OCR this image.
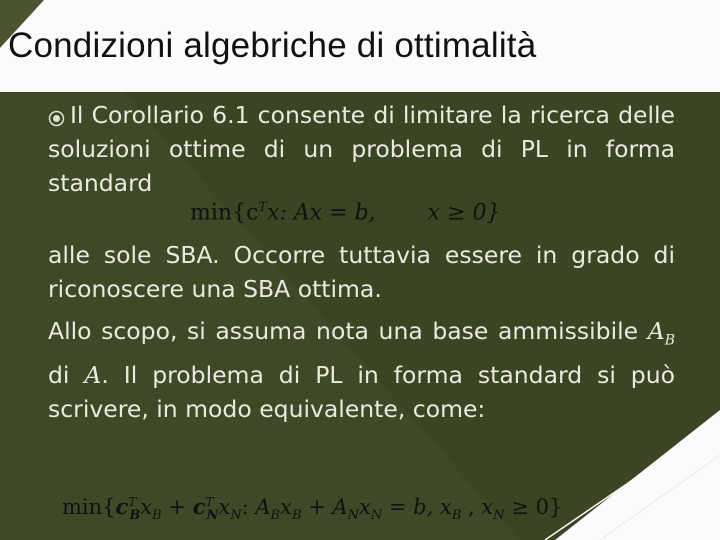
Condizioni algebriche di ottimalità
Il Corollario 6.1 consente di limitare la ricerca delle soluzioni ottime di un problema di PL in forma standard
$\min\{c^Tx$: Ax = b, x ≥ 0}
alle sole SBA. Occorre tuttavia essere in grado di riconoscere una SBA ottima.
Allo scopo, si assuma nota una base ammissibile $A_B$ di A. Il problema di PL in forma standard si può scrivere, in modo equivalente, come:
$\min\{c^T_Bx_B + c^T_Nx_N$: $A_Bx_B + A_Nx_N = b$, $x_B$ , $x_N \ge 0$}
